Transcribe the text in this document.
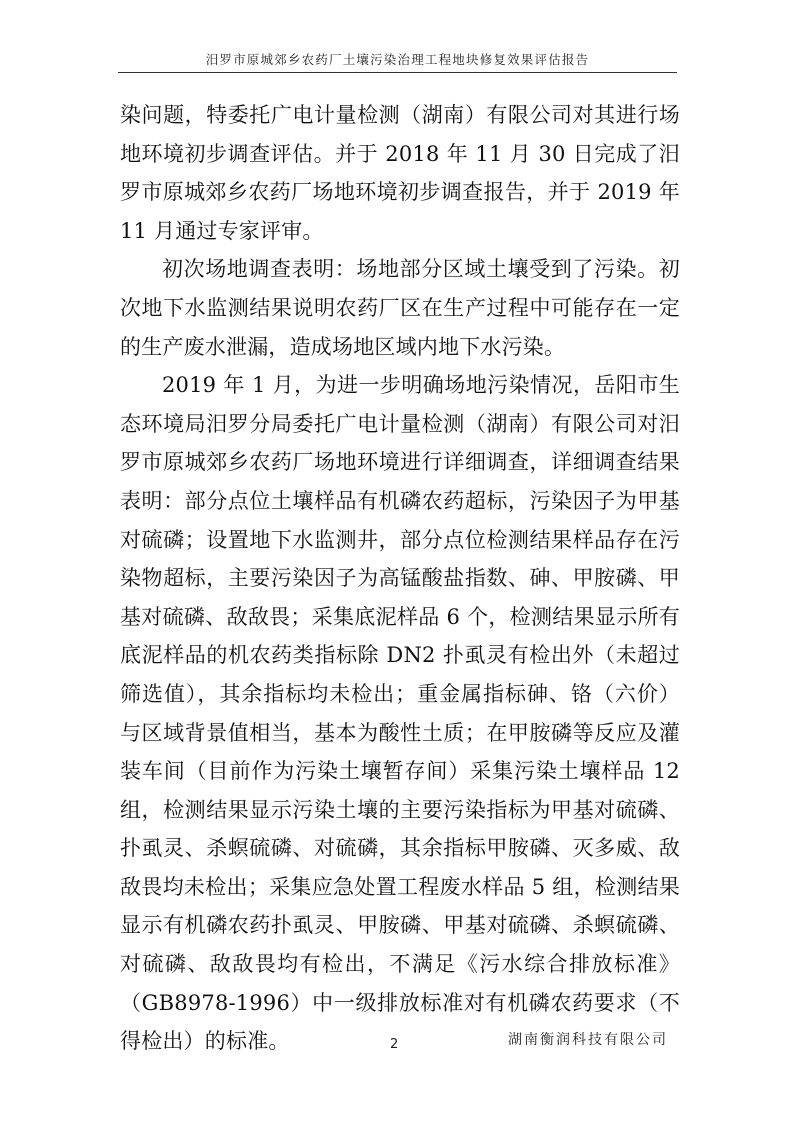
汨罗市原城郊乡农药厂土壤污染治理工程地块修复效果评估报告

染问题，特委托广电计量检测（湖南）有限公司对其进行场地环境初步调查评估。并于 2018 年 11 月 30 日完成了汨罗市原城郊乡农药厂场地环境初步调查报告，并于 2019 年 11 月通过专家评审。

初次场地调查表明：场地部分区域土壤受到了污染。初次地下水监测结果说明农药厂区在生产过程中可能存在一定的生产废水泄漏，造成场地区域内地下水污染。

2019 年 1 月，为进一步明确场地污染情况，岳阳市生态环境局汨罗分局委托广电计量检测（湖南）有限公司对汨罗市原城郊乡农药厂场地环境进行详细调查，详细调查结果表明：部分点位土壤样品有机磷农药超标，污染因子为甲基对硫磷；设置地下水监测井，部分点位检测结果样品存在污染物超标，主要污染因子为高锰酸盐指数、砷、甲胺磷、甲基对硫磷、敌敌畏；采集底泥样品 6 个，检测结果显示所有底泥样品的机农药类指标除 DN2 扑虱灵有检出外（未超过筛选值），其余指标均未检出；重金属指标砷、铬（六价）与区域背景值相当，基本为酸性土质；在甲胺磷等反应及灌装车间（目前作为污染土壤暂存间）采集污染土壤样品 12 组，检测结果显示污染土壤的主要污染指标为甲基对硫磷、扑虱灵、杀螟硫磷、对硫磷，其余指标甲胺磷、灭多威、敌敌畏均未检出；采集应急处置工程废水样品 5 组，检测结果显示有机磷农药扑虱灵、甲胺磷、甲基对硫磷、杀螟硫磷、对硫磷、敌敌畏均有检出，不满足《污水综合排放标准》（GB8978-1996）中一级排放标准对有机磷农药要求（不得检出）的标准。	2	湖南衡润科技有限公司
